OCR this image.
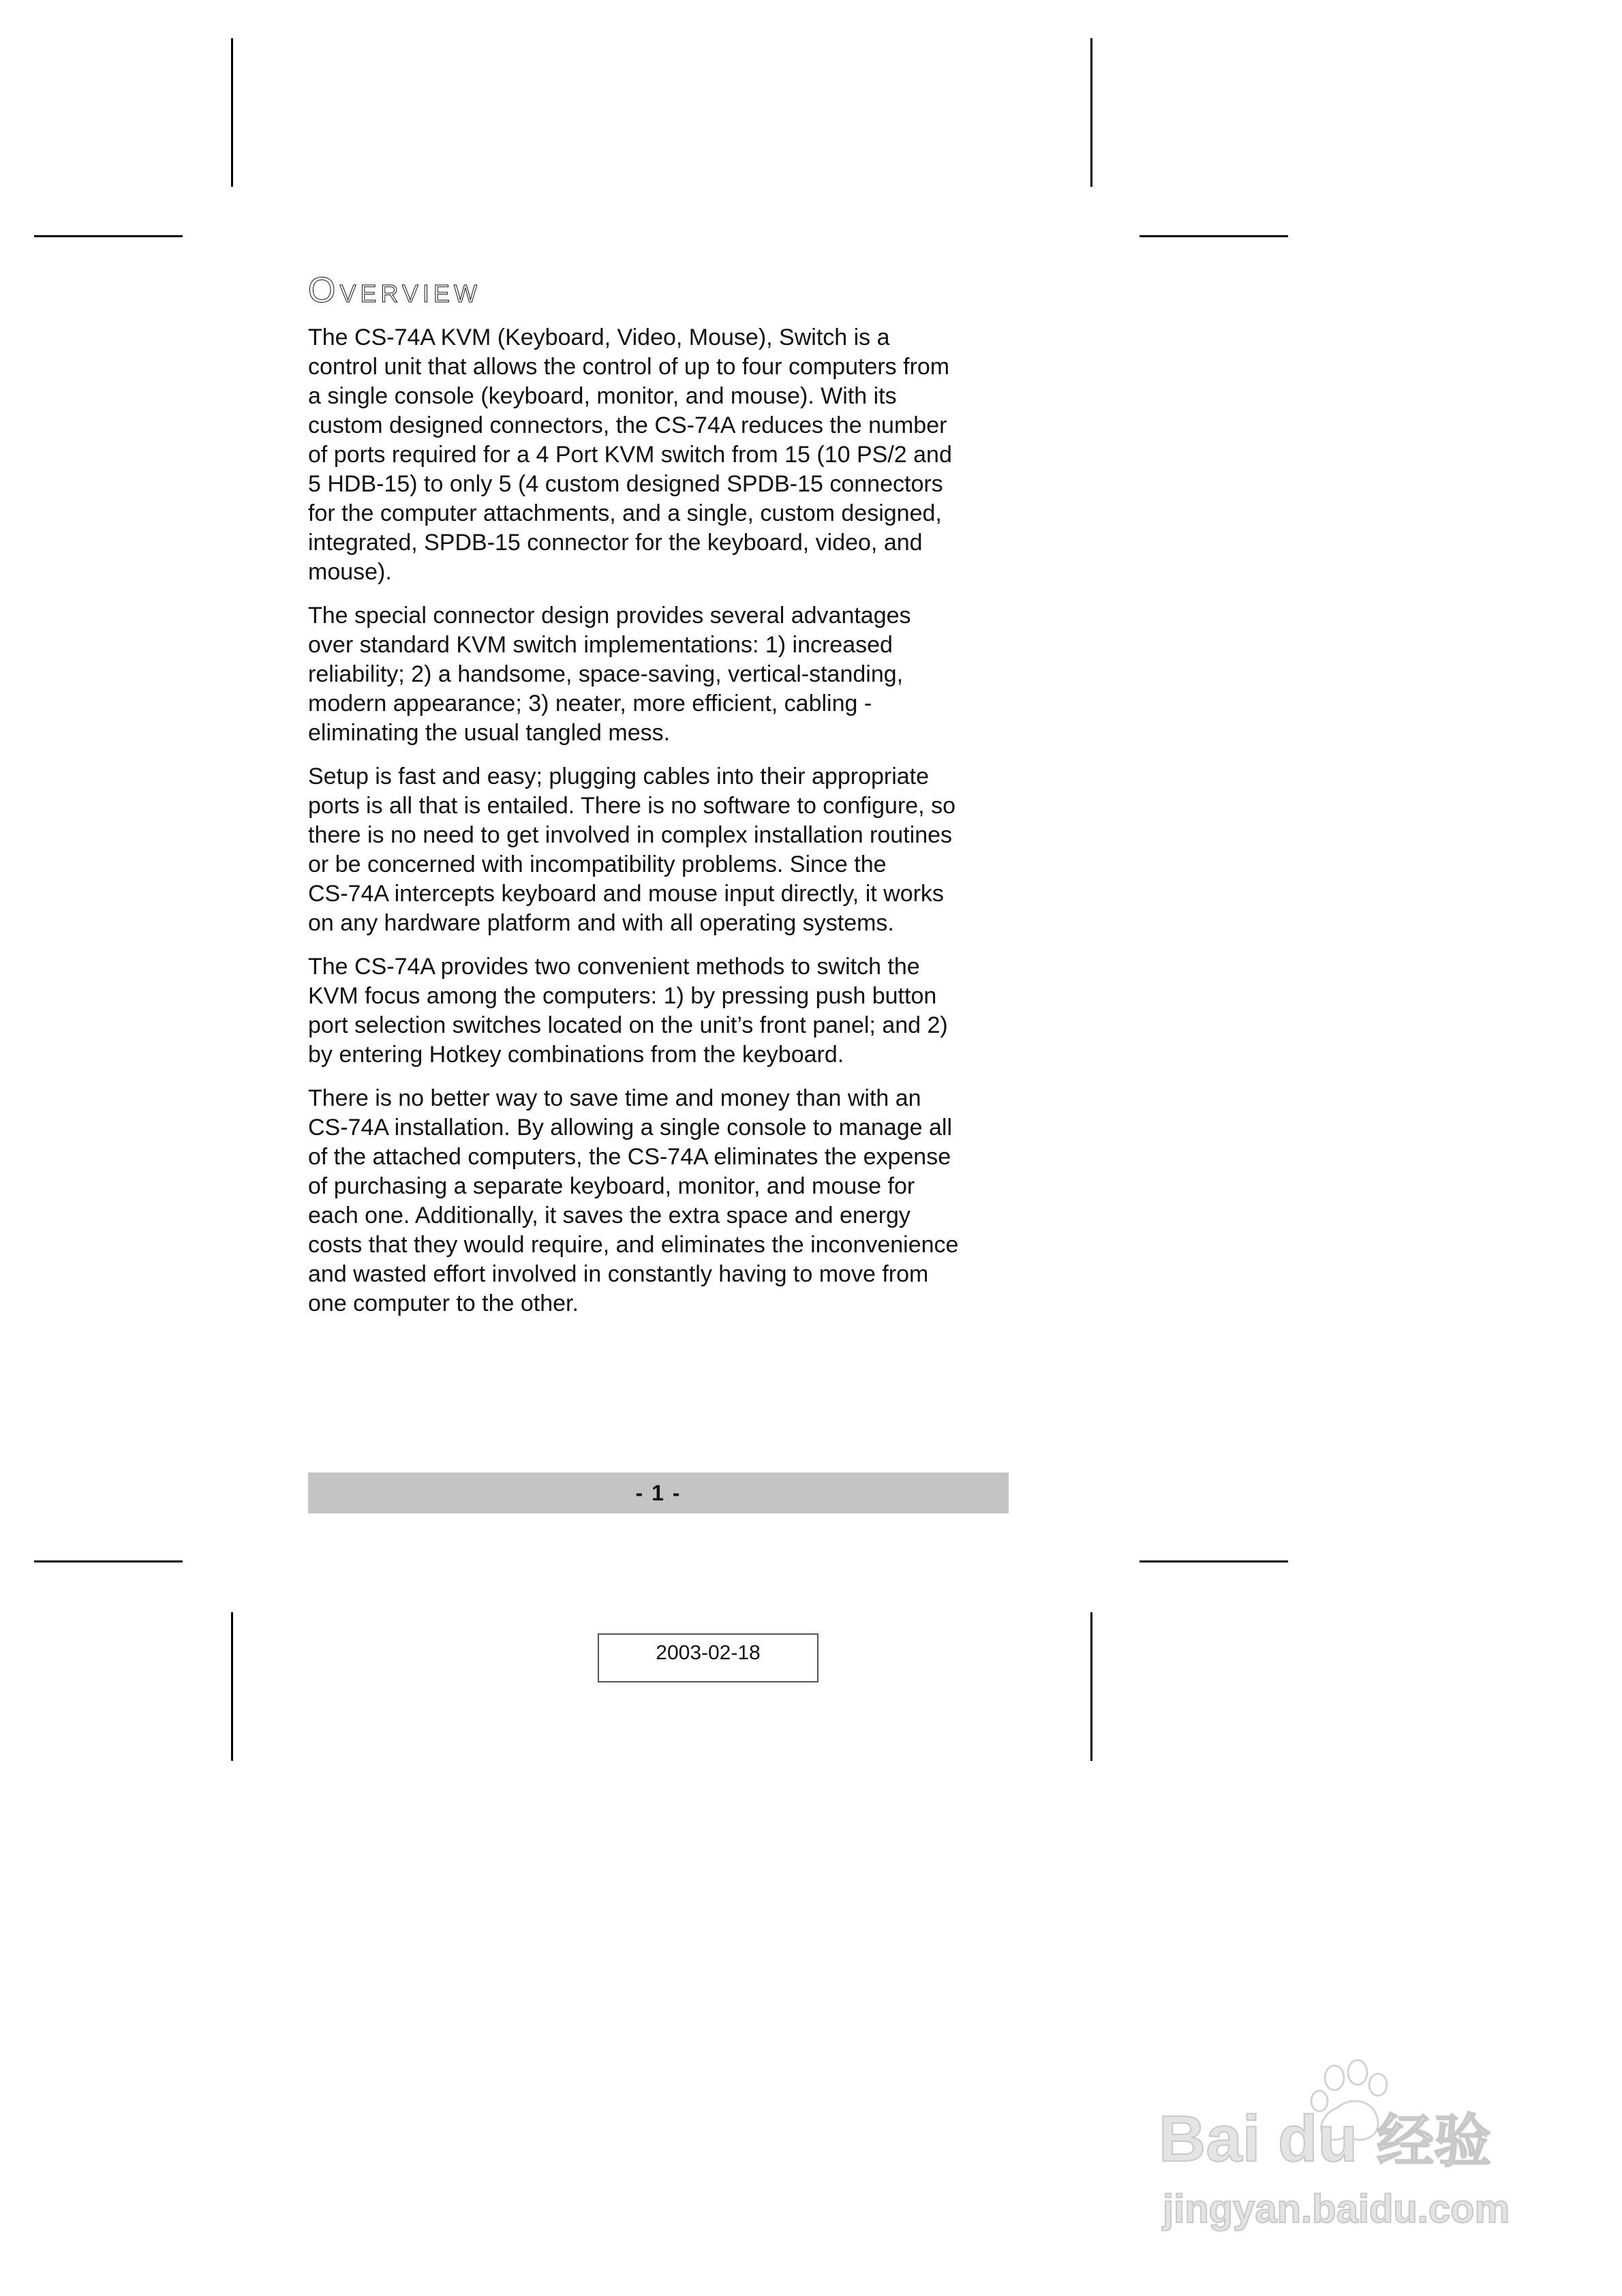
Overview

The CS-74A KVM (Keyboard, Video, Mouse), Switch is a
control unit that allows the control of up to four computers from
a single console (keyboard, monitor, and mouse). With its
custom designed connectors, the CS-74A reduces the number
of ports required for a 4 Port KVM switch from 15 (10 PS/2 and
5 HDB-15) to only 5 (4 custom designed SPDB-15 connectors
for the computer attachments, and a single, custom designed,
integrated, SPDB-15 connector for the keyboard, video, and
mouse).

The special connector design provides several advantages
over standard KVM switch implementations: 1) increased
reliability; 2) a handsome, space-saving, vertical-standing,
modern appearance; 3) neater, more efficient, cabling -
eliminating the usual tangled mess.

Setup is fast and easy; plugging cables into their appropriate
ports is all that is entailed. There is no software to configure, so
there is no need to get involved in complex installation routines
or be concerned with incompatibility problems. Since the
CS-74A intercepts keyboard and mouse input directly, it works
on any hardware platform and with all operating systems.

The CS-74A provides two convenient methods to switch the
KVM focus among the computers: 1) by pressing push button
port selection switches located on the unit’s front panel; and 2)
by entering Hotkey combinations from the keyboard.

There is no better way to save time and money than with an
CS-74A installation. By allowing a single console to manage all
of the attached computers, the CS-74A eliminates the expense
of purchasing a separate keyboard, monitor, and mouse for
each one. Additionally, it saves the extra space and energy
costs that they would require, and eliminates the inconvenience
and wasted effort involved in constantly having to move from
one computer to the other.

- 1 -
2003-02-18
Bai du 经验
jingyan.baidu.com
